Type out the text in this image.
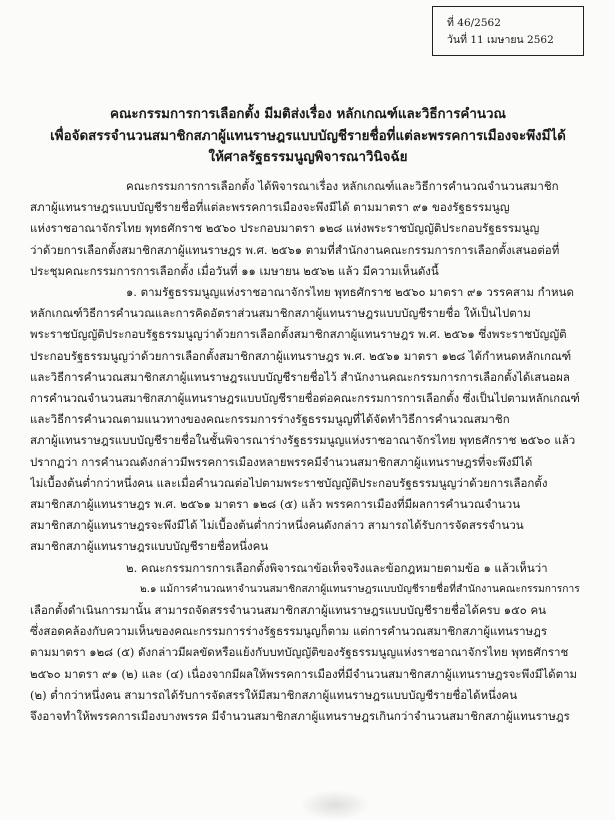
ที่ 46/2562
วันที่ 11 เมษายน 2562
คณะกรรมการการเลือกตั้ง มีมติส่งเรื่อง หลักเกณฑ์และวิธีการคำนวณ
เพื่อจัดสรรจำนวนสมาชิกสภาผู้แทนราษฎรแบบบัญชีรายชื่อที่แต่ละพรรคการเมืองจะพึงมีได้
ให้ศาลรัฐธรรมนูญพิจารณาวินิจฉัย
คณะกรรมการการเลือกตั้ง ได้พิจารณาเรื่อง หลักเกณฑ์และวิธีการคำนวณจำนวนสมาชิก
สภาผู้แทนราษฎรแบบบัญชีรายชื่อที่แต่ละพรรคการเมืองจะพึงมีได้ ตามมาตรา ๙๑ ของรัฐธรรมนูญ
แห่งราชอาณาจักรไทย พุทธศักราช ๒๕๖๐ ประกอบมาตรา ๑๒๘ แห่งพระราชบัญญัติประกอบรัฐธรรมนูญ
ว่าด้วยการเลือกตั้งสมาชิกสภาผู้แทนราษฎร พ.ศ. ๒๕๖๑ ตามที่สำนักงานคณะกรรมการการเลือกตั้งเสนอต่อที่
ประชุมคณะกรรมการการเลือกตั้ง เมื่อวันที่ ๑๑ เมษายน ๒๕๖๒ แล้ว มีความเห็นดังนี้
๑. ตามรัฐธรรมนูญแห่งราชอาณาจักรไทย พุทธศักราช ๒๕๖๐ มาตรา ๙๑ วรรคสาม กำหนด
หลักเกณฑ์วิธีการคำนวณและการคิดอัตราส่วนสมาชิกสภาผู้แทนราษฎรแบบบัญชีรายชื่อ ให้เป็นไปตาม
พระราชบัญญัติประกอบรัฐธรรมนูญว่าด้วยการเลือกตั้งสมาชิกสภาผู้แทนราษฎร พ.ศ. ๒๕๖๑ ซึ่งพระราชบัญญัติ
ประกอบรัฐธรรมนูญว่าด้วยการเลือกตั้งสมาชิกสภาผู้แทนราษฎร พ.ศ. ๒๕๖๑ มาตรา ๑๒๘ ได้กำหนดหลักเกณฑ์
และวิธีการคำนวณสมาชิกสภาผู้แทนราษฎรแบบบัญชีรายชื่อไว้ สำนักงานคณะกรรมการการเลือกตั้งได้เสนอผล
การคำนวณจำนวนสมาชิกสภาผู้แทนราษฎรแบบบัญชีรายชื่อต่อคณะกรรมการการเลือกตั้ง ซึ่งเป็นไปตามหลักเกณฑ์
และวิธีการคำนวณตามแนวทางของคณะกรรมการร่างรัฐธรรมนูญที่ได้จัดทำวิธีการคำนวณสมาชิก
สภาผู้แทนราษฎรแบบบัญชีรายชื่อในชั้นพิจารณาร่างรัฐธรรมนูญแห่งราชอาณาจักรไทย พุทธศักราช ๒๕๖๐ แล้ว
ปรากฏว่า การคำนวณดังกล่าวมีพรรคการเมืองหลายพรรคมีจำนวนสมาชิกสภาผู้แทนราษฎรที่จะพึงมีได้
ไม่เบื้องต้นต่ำกว่าหนึ่งคน และเมื่อคำนวณต่อไปตามพระราชบัญญัติประกอบรัฐธรรมนูญว่าด้วยการเลือกตั้ง
สมาชิกสภาผู้แทนราษฎร พ.ศ. ๒๕๖๑ มาตรา ๑๒๘ (๕) แล้ว พรรคการเมืองที่มีผลการคำนวณจำนวน
สมาชิกสภาผู้แทนราษฎรจะพึงมีได้ ไม่เบื้องต้นต่ำกว่าหนึ่งคนดังกล่าว สามารถได้รับการจัดสรรจำนวน
สมาชิกสภาผู้แทนราษฎรแบบบัญชีรายชื่อหนึ่งคน
๒. คณะกรรมการการเลือกตั้งพิจารณาข้อเท็จจริงและข้อกฎหมายตามข้อ ๑ แล้วเห็นว่า
๒.๑ แม้การคำนวณหาจำนวนสมาชิกสภาผู้แทนราษฎรแบบบัญชีรายชื่อที่สำนักงานคณะกรรมการการ
เลือกตั้งดำเนินการมานั้น สามารถจัดสรรจำนวนสมาชิกสภาผู้แทนราษฎรแบบบัญชีรายชื่อได้ครบ ๑๕๐ คน
ซึ่งสอดคล้องกับความเห็นของคณะกรรมการร่างรัฐธรรมนูญก็ตาม แต่การคำนวณสมาชิกสภาผู้แทนราษฎร
ตามมาตรา ๑๒๘ (๕) ดังกล่าวมีผลขัดหรือแย้งกับบทบัญญัติของรัฐธรรมนูญแห่งราชอาณาจักรไทย พุทธศักราช
๒๕๖๐ มาตรา ๙๑ (๒) และ (๔) เนื่องจากมีผลให้พรรคการเมืองที่มีจำนวนสมาชิกสภาผู้แทนราษฎรจะพึงมีได้ตาม
(๒) ต่ำกว่าหนึ่งคน สามารถได้รับการจัดสรรให้มีสมาชิกสภาผู้แทนราษฎรแบบบัญชีรายชื่อได้หนึ่งคน
จึงอาจทำให้พรรคการเมืองบางพรรค มีจำนวนสมาชิกสภาผู้แทนราษฎรเกินกว่าจำนวนสมาชิกสภาผู้แทนราษฎร
